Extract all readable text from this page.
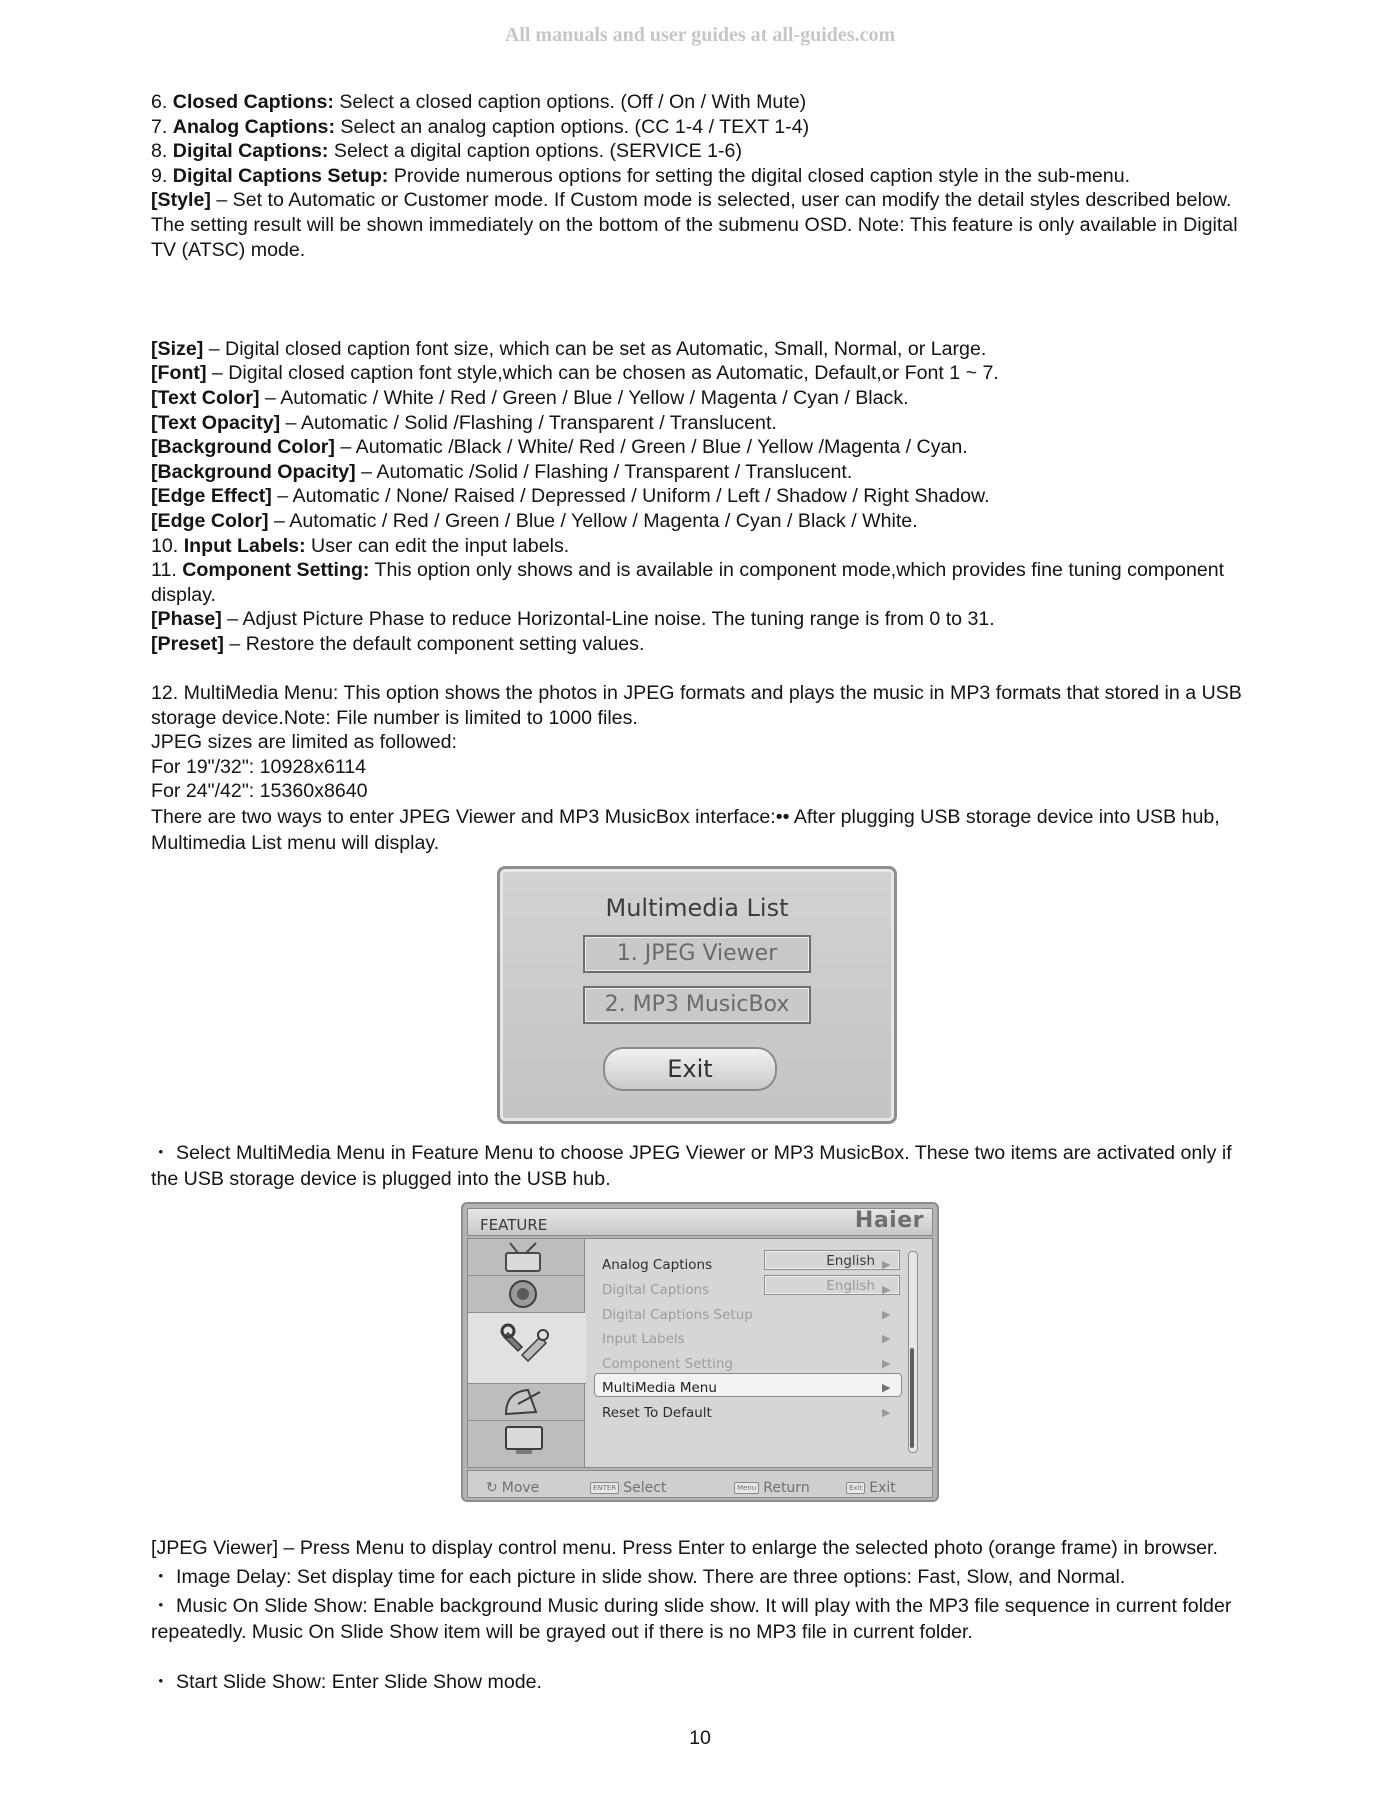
All manuals and user guides at all-guides.com

6. Closed Captions: Select a closed caption options. (Off / On / With Mute)

7. Analog Captions: Select an analog caption options. (CC 1-4 / TEXT 1-4)

8. Digital Captions: Select a digital caption options. (SERVICE 1-6)

9. Digital Captions Setup: Provide numerous options for setting the digital closed caption style in the sub-menu.

[Style] – Set to Automatic or Customer mode. If Custom mode is selected, user can modify the detail styles described below. The setting result will be shown immediately on the bottom of the submenu OSD. Note: This feature is only available in Digital TV (ATSC) mode.

[Size] – Digital closed caption font size, which can be set as Automatic, Small, Normal, or Large.

[Font] – Digital closed caption font style,which can be chosen as Automatic, Default,or Font 1 ~ 7.

[Text Color] – Automatic / White / Red / Green / Blue / Yellow / Magenta / Cyan / Black.

[Text Opacity] – Automatic / Solid /Flashing / Transparent / Translucent.

[Background Color] – Automatic /Black / White/ Red / Green / Blue / Yellow /Magenta / Cyan.

[Background Opacity] – Automatic /Solid / Flashing / Transparent / Translucent.

[Edge Effect] – Automatic / None/ Raised / Depressed / Uniform / Left / Shadow / Right Shadow.

[Edge Color] – Automatic / Red / Green / Blue / Yellow / Magenta / Cyan / Black / White.

10. Input Labels: User can edit the input labels.

11. Component Setting: This option only shows and is available in component mode,which provides fine tuning component display.

[Phase] – Adjust Picture Phase to reduce Horizontal-Line noise. The tuning range is from 0 to 31.

[Preset] – Restore the default component setting values.

12. MultiMedia Menu: This option shows the photos in JPEG formats and plays the music in MP3 formats that stored in a USB storage device.Note: File number is limited to 1000 files.

JPEG sizes are limited as followed:

For 19"/32": 10928x6114

For 24"/42": 15360x8640

There are two ways to enter JPEG Viewer and MP3 MusicBox interface:•• After plugging USB storage device into USB hub, Multimedia List menu will display.

Multimedia List
1. JPEG Viewer
2. MP3 MusicBox
Exit

・ Select MultiMedia Menu in Feature Menu to choose JPEG Viewer or MP3 MusicBox. These two items are activated only if the USB storage device is plugged into the USB hub.

FEATURE	Haier
Analog Captions	English ▶
Digital Captions	English ▶
Digital Captions Setup	▶
Input Labels	▶
Component Setting	▶
MultiMedia Menu	▶
Reset To Default	▶
↻ Move	ENTER Select	Menu Return	Exit Exit

[JPEG Viewer] – Press Menu to display control menu. Press Enter to enlarge the selected photo (orange frame) in browser.

・ Image Delay: Set display time for each picture in slide show. There are three options: Fast, Slow, and Normal.

・ Music On Slide Show: Enable background Music during slide show. It will play with the MP3 file sequence in current folder repeatedly. Music On Slide Show item will be grayed out if there is no MP3 file in current folder.

・ Start Slide Show: Enter Slide Show mode.

10
